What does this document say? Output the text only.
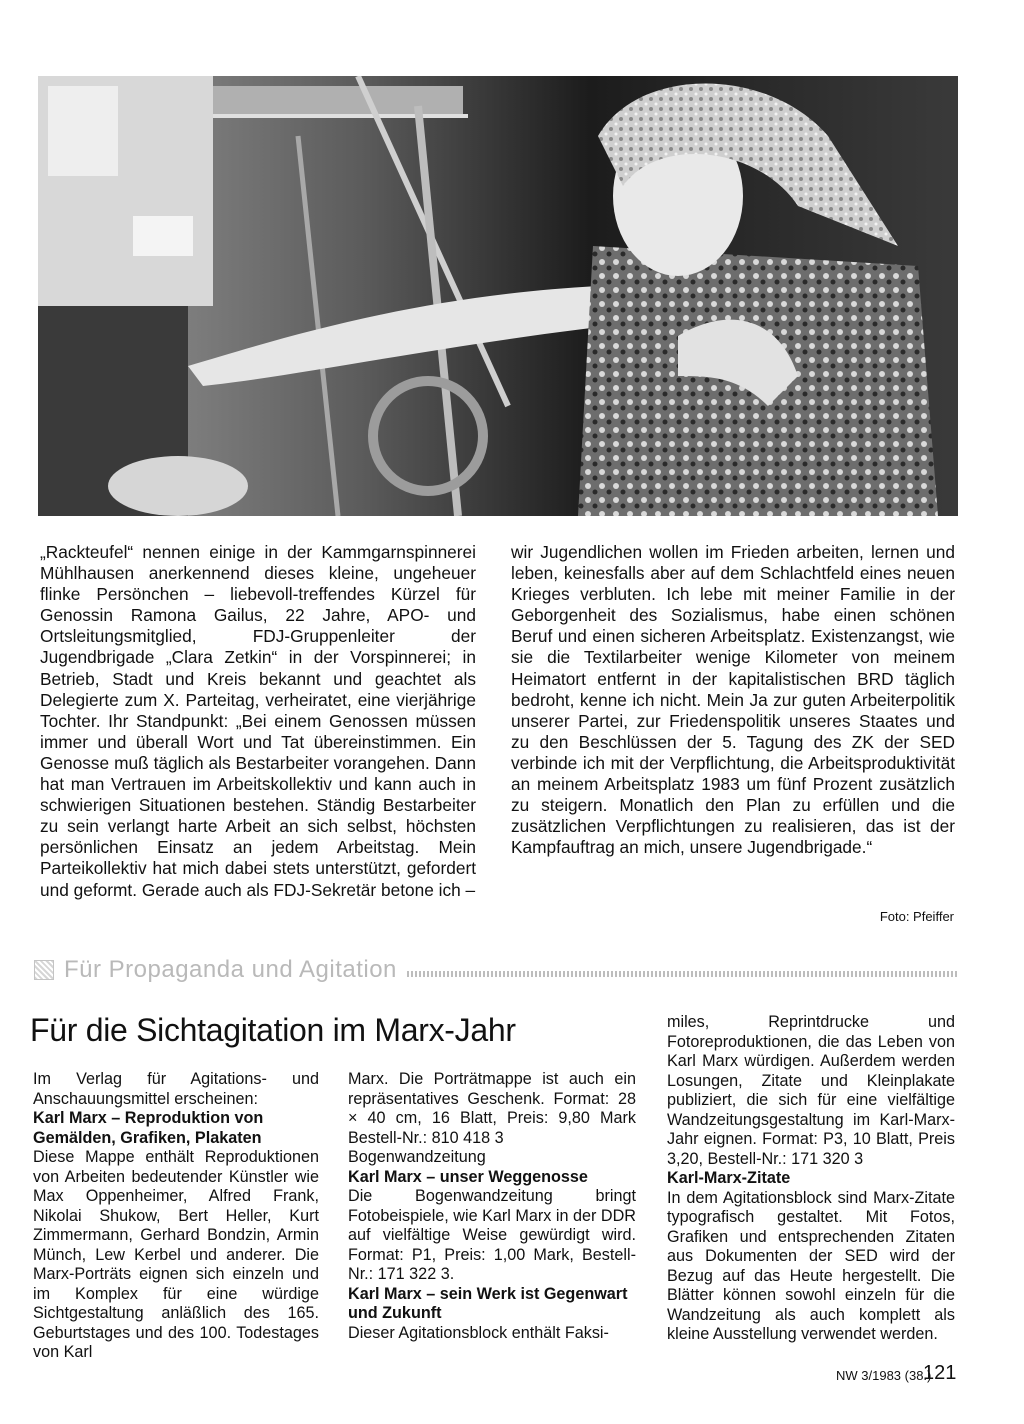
„Rackteufel“ nennen einige in der Kammgarnspinnerei Mühlhausen anerkennend dieses kleine, ungeheuer flinke Persönchen – liebevoll-treffendes Kürzel für Genossin Ramona Gailus, 22 Jahre, APO- und Ortsleitungsmitglied, FDJ-Gruppenleiter der Jugendbrigade „Clara Zetkin“ in der Vorspinnerei; in Betrieb, Stadt und Kreis bekannt und geachtet als Delegierte zum X. Parteitag, verheiratet, eine vierjährige Tochter. Ihr Standpunkt: „Bei einem Genossen müssen immer und überall Wort und Tat übereinstimmen. Ein Genosse muß täglich als Bestarbeiter vorangehen. Dann hat man Vertrauen im Arbeitskollektiv und kann auch in schwierigen Situationen bestehen. Ständig Bestarbeiter zu sein verlangt harte Arbeit an sich selbst, höchsten persönlichen Einsatz an jedem Arbeitstag. Mein Parteikollektiv hat mich dabei stets unterstützt, gefordert und geformt. Gerade auch als FDJ-Sekretär betone ich –

wir Jugendlichen wollen im Frieden arbeiten, lernen und leben, keinesfalls aber auf dem Schlachtfeld eines neuen Krieges verbluten. Ich lebe mit meiner Familie in der Geborgenheit des Sozialismus, habe einen schönen Beruf und einen sicheren Arbeitsplatz. Existenzangst, wie sie die Textilarbeiter wenige Kilometer von meinem Heimatort entfernt in der kapitalistischen BRD täglich bedroht, kenne ich nicht. Mein Ja zur guten Arbeiterpolitik unserer Partei, zur Friedenspolitik unseres Staates und zu den Beschlüssen der 5. Tagung des ZK der SED verbinde ich mit der Verpflichtung, die Arbeitsproduktivität an meinem Arbeitsplatz 1983 um fünf Prozent zusätzlich zu steigern. Monatlich den Plan zu erfüllen und die zusätzlichen Verpflichtungen zu realisieren, das ist der Kampfauftrag an mich, unsere Jugendbrigade.“

Foto: Pfeiffer
Für Propaganda und Agitation
Für die Sichtagitation im Marx-Jahr

Im Verlag für Agitations- und Anschauungsmittel erscheinen:

Karl Marx – Reproduktion von Gemälden, Grafiken, Plakaten

Diese Mappe enthält Reproduktionen von Arbeiten bedeutender Künstler wie Max Oppenheimer, Alfred Frank, Nikolai Shukow, Bert Heller, Kurt Zimmermann, Gerhard Bondzin, Armin Münch, Lew Kerbel und anderer. Die Marx-Porträts eignen sich einzeln und im Komplex für eine würdige Sichtgestaltung anläßlich des 165. Geburtstages und des 100. Todestages von Karl

Marx. Die Porträtmappe ist auch ein repräsentatives Geschenk. Format: 28 × 40 cm, 16 Blatt, Preis: 9,80 Mark Bestell-Nr.: 810 418 3

Bogenwandzeitung

Karl Marx – unser Weggenosse

Die Bogenwandzeitung bringt Fotobeispiele, wie Karl Marx in der DDR auf vielfältige Weise gewürdigt wird. Format: P1, Preis: 1,00 Mark, Bestell-Nr.: 171 322 3.

Karl Marx – sein Werk ist Gegenwart und Zukunft

Dieser Agitationsblock enthält Faksi-

miles, Reprintdrucke und Fotoreproduktionen, die das Leben von Karl Marx würdigen. Außerdem werden Losungen, Zitate und Kleinplakate publiziert, die sich für eine vielfältige Wandzeitungsgestaltung im Karl-Marx-Jahr eignen. Format: P3, 10 Blatt, Preis 3,20, Bestell-Nr.: 171 320 3

Karl-Marx-Zitate

In dem Agitationsblock sind Marx-Zitate typografisch gestaltet. Mit Fotos, Grafiken und entsprechenden Zitaten aus Dokumenten der SED wird der Bezug auf das Heute hergestellt. Die Blätter können sowohl einzeln für die Wandzeitung als auch komplett als kleine Ausstellung verwendet werden.

NW 3/1983 (38.)
121
